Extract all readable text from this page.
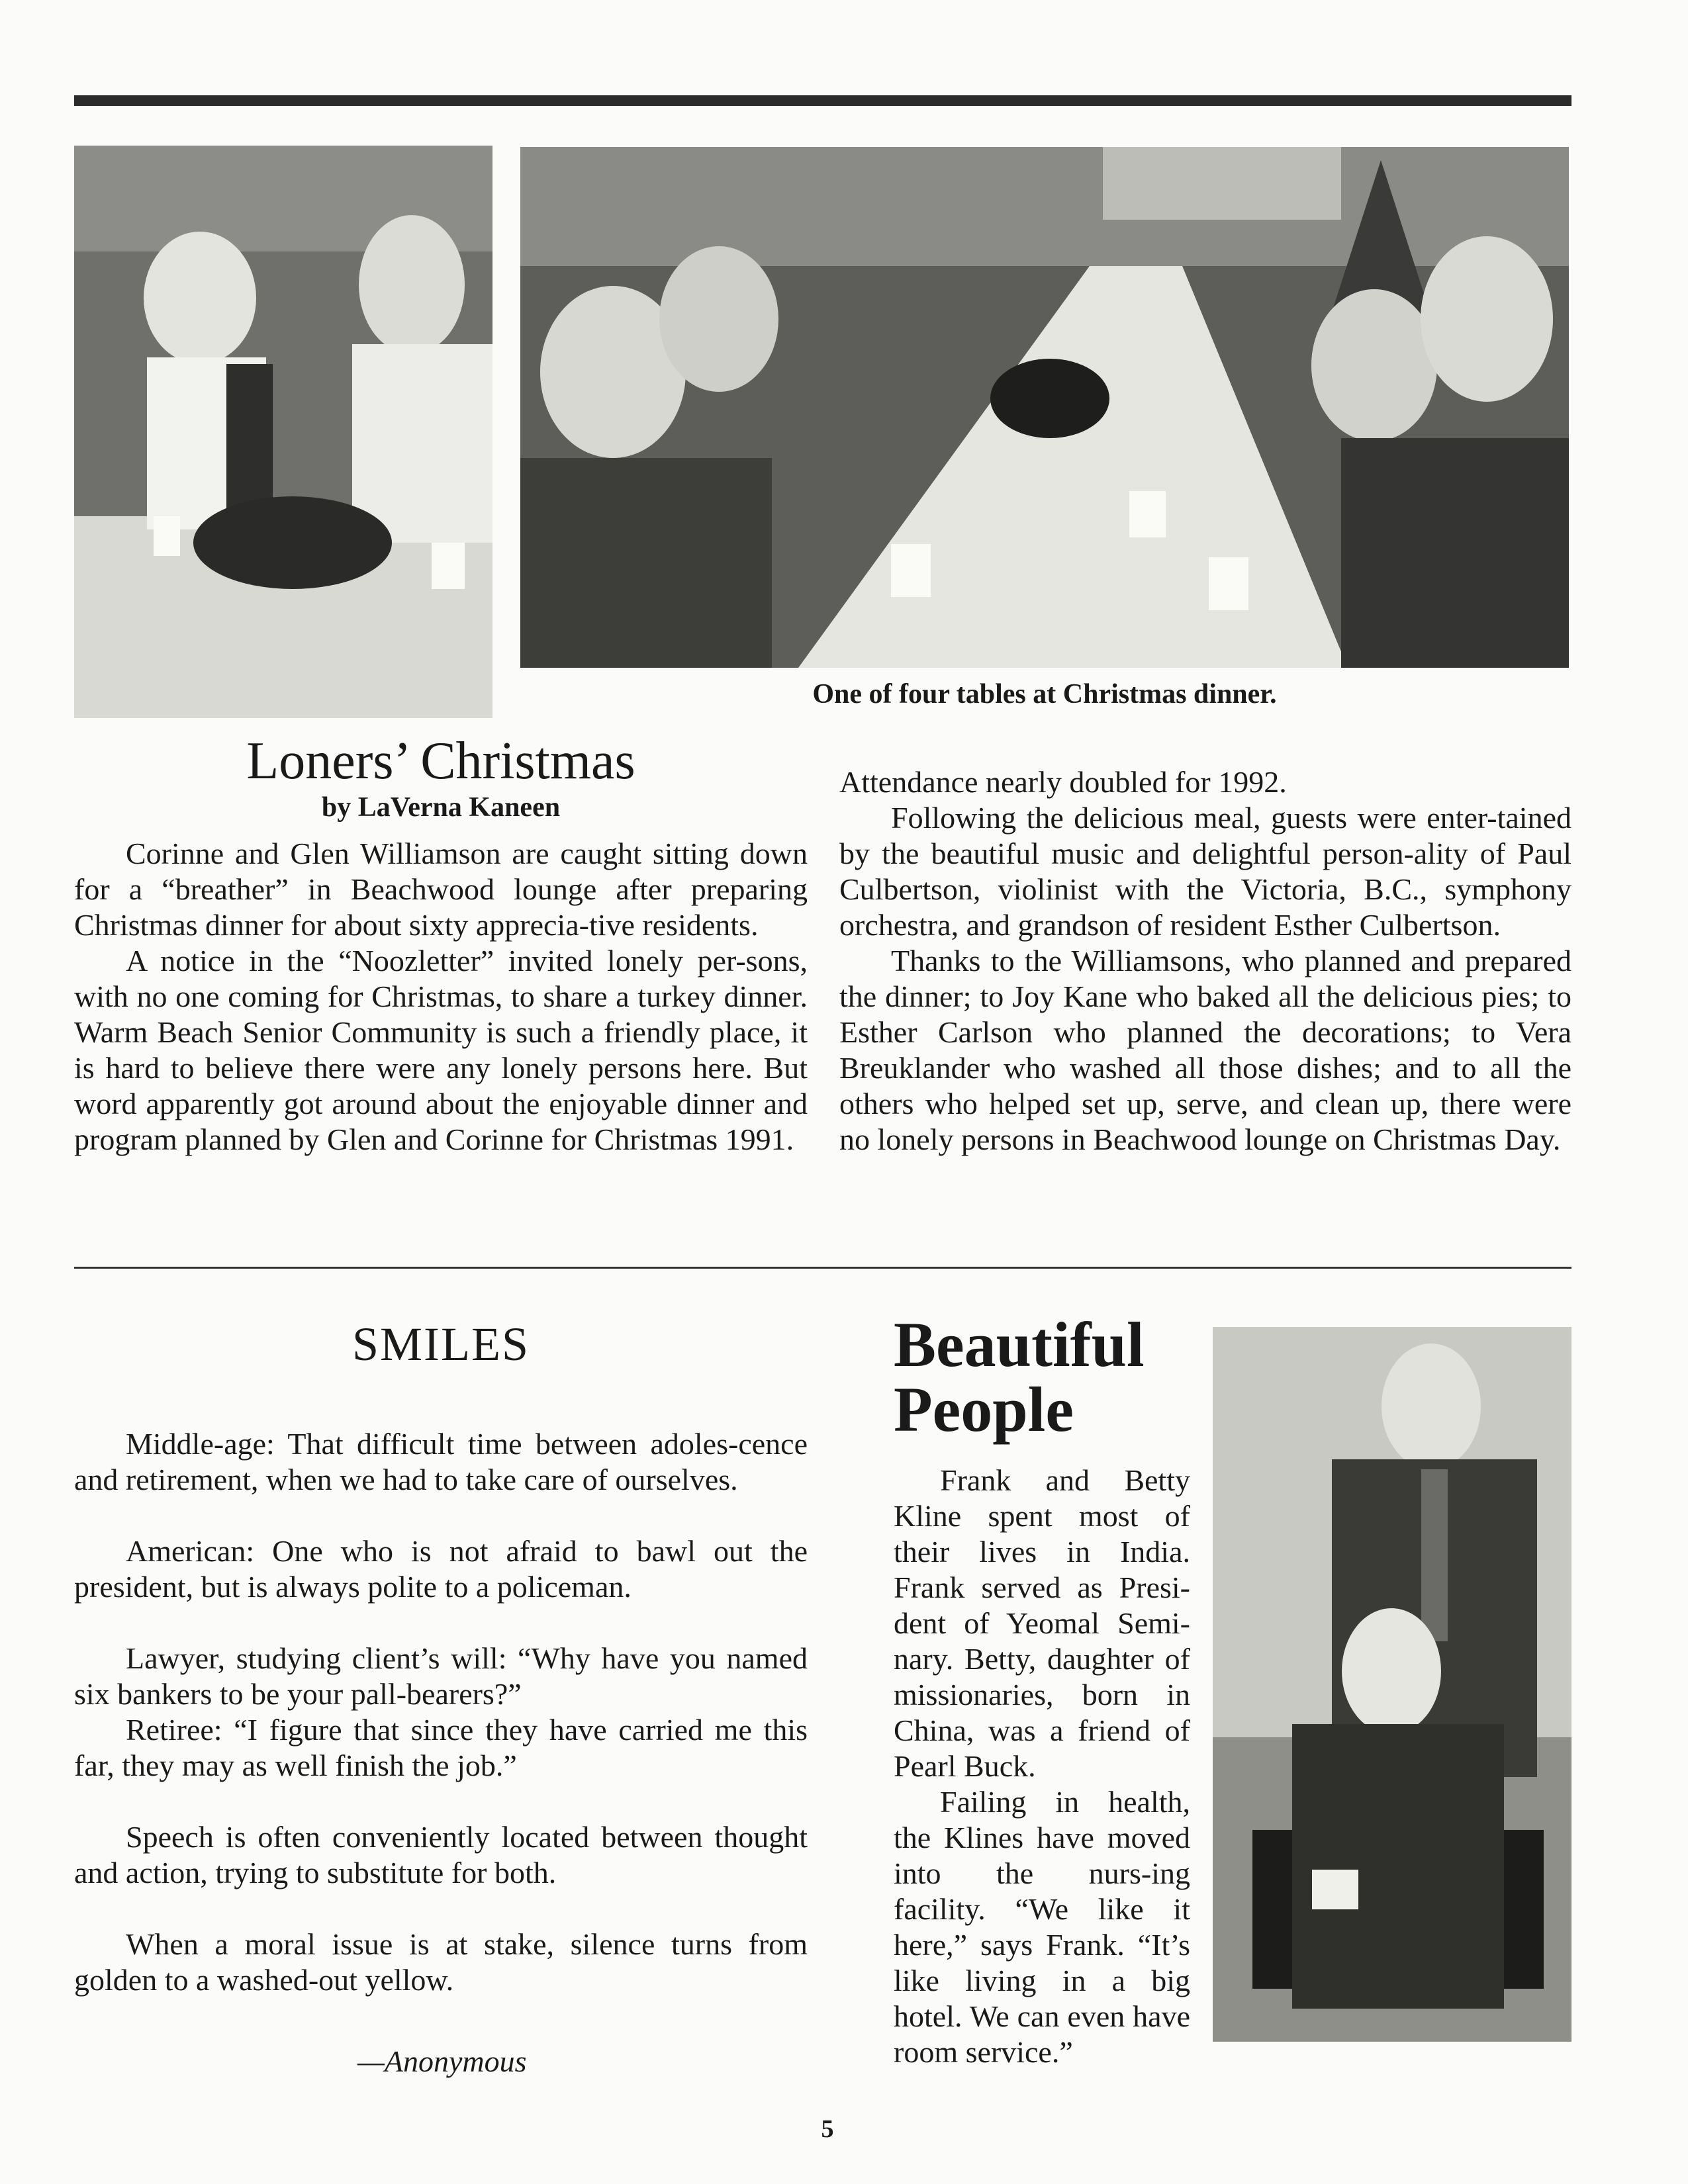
One of four tables at Christmas dinner.
Loners’ Christmas
by LaVerna Kaneen

Corinne and Glen Williamson are caught sitting down for a “breather” in Beachwood lounge after preparing Christmas dinner for about sixty apprecia-tive residents.

A notice in the “Noozletter” invited lonely per-sons, with no one coming for Christmas, to share a turkey dinner. Warm Beach Senior Community is such a friendly place, it is hard to believe there were any lonely persons here. But word apparently got around about the enjoyable dinner and program planned by Glen and Corinne for Christmas 1991.

Attendance nearly doubled for 1992.

Following the delicious meal, guests were enter-tained by the beautiful music and delightful person-ality of Paul Culbertson, violinist with the Victoria, B.C., symphony orchestra, and grandson of resident Esther Culbertson.

Thanks to the Williamsons, who planned and prepared the dinner; to Joy Kane who baked all the delicious pies; to Esther Carlson who planned the decorations; to Vera Breuklander who washed all those dishes; and to all the others who helped set up, serve, and clean up, there were no lonely persons in Beachwood lounge on Christmas Day.

SMILES

Middle-age: That difficult time between adoles-cence and retirement, when we had to take care of ourselves.

American: One who is not afraid to bawl out the president, but is always polite to a policeman.

Lawyer, studying client’s will: “Why have you named six bankers to be your pall-bearers?”

Retiree: “I figure that since they have carried me this far, they may as well finish the job.”

Speech is often conveniently located between thought and action, trying to substitute for both.

When a moral issue is at stake, silence turns from golden to a washed-out yellow.

—Anonymous
Beautiful
People

Frank and Betty Kline spent most of their lives in India. Frank served as Presi-dent of Yeomal Semi-nary. Betty, daughter of missionaries, born in China, was a friend of Pearl Buck.

Failing in health, the Klines have moved into the nurs-ing facility. “We like it here,” says Frank. “It’s like living in a big hotel. We can even have room service.”

5
